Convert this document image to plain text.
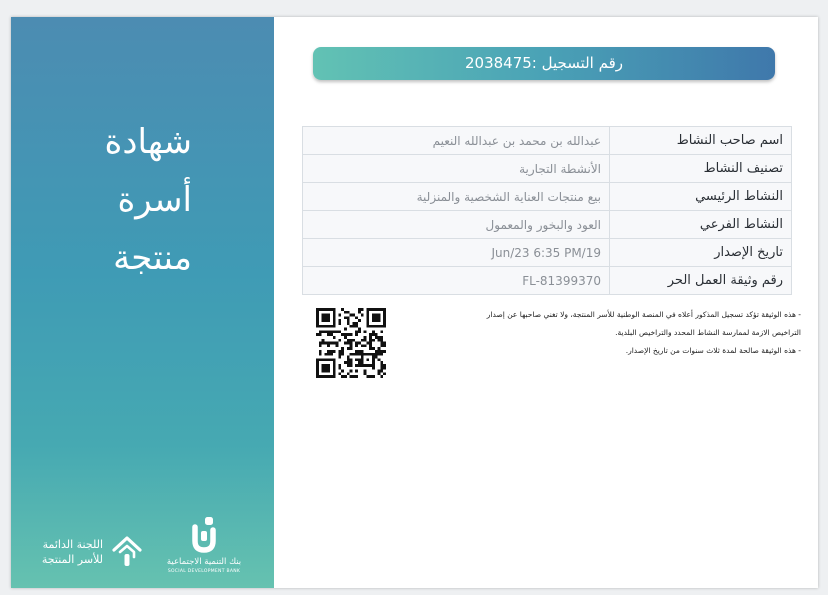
شهادة
أسرة
منتجة
اللجنة الدائمة
للأسر المنتجة	بنك التنمية الاجتماعية
SOCIAL DEVELOPMENT BANK
رقم التسجيل :2038475
اسم صاحب النشاط	عبدالله بن محمد بن عبدالله النعيم
تصنيف النشاط	الأنشطة التجارية
النشاط الرئيسي	بيع منتجات العناية الشخصية والمنزلية
النشاط الفرعي	العود والبخور والمعمول
تاريخ الإصدار	19/Jun/23 6:35 PM
رقم وثيقة العمل الحر	FL-81399370

- هذه الوثيقة تؤكد تسجيل المذكور أعلاه في المنصة الوطنية للأسر المنتجة، ولا تغني صاحبها عن إصدار

التراخيص الازمة لممارسة النشاط المحدد والتراخيص البلدية.

- هذه الوثيقة صالحة لمدة ثلاث سنوات من تاريخ الإصدار.
